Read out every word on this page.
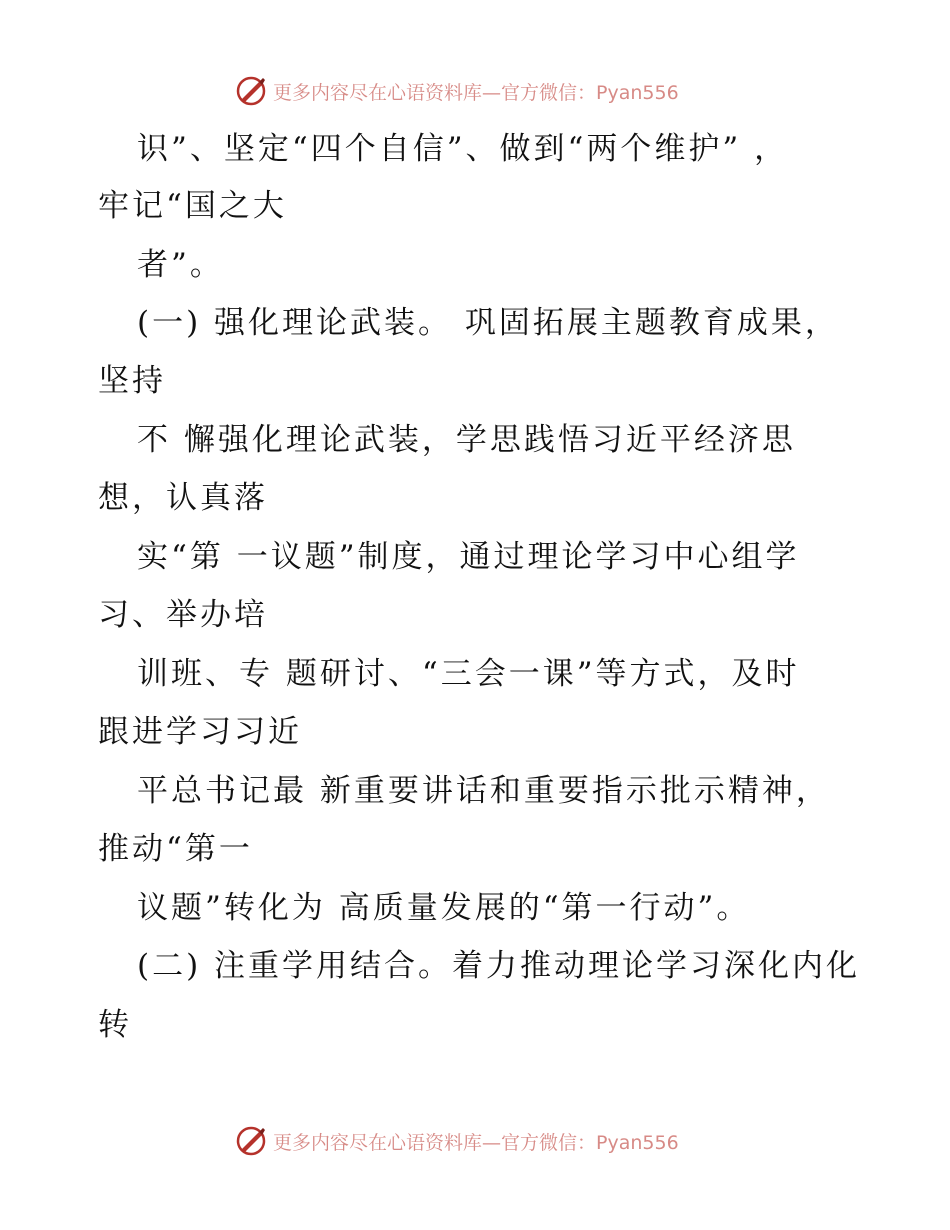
更多内容尽在心语资料库—官方微信：Pyan556
识”、坚定“四个自信”、做到“两个维护” ，
牢记“国之大
者”。
(一) 强化理论武装。 巩固拓展主题教育成果，
坚持
不 懈强化理论武装，学思践悟习近平经济思
想，认真落
实“第 一议题”制度，通过理论学习中心组学
习、举办培
训班、专 题研讨、“三会一课”等方式，及时
跟进学习习近
平总书记最 新重要讲话和重要指示批示精神，
推动“第一
议题”转化为 高质量发展的“第一行动”。
(二) 注重学用结合。着力推动理论学习深化内化
转
更多内容尽在心语资料库—官方微信：Pyan556
